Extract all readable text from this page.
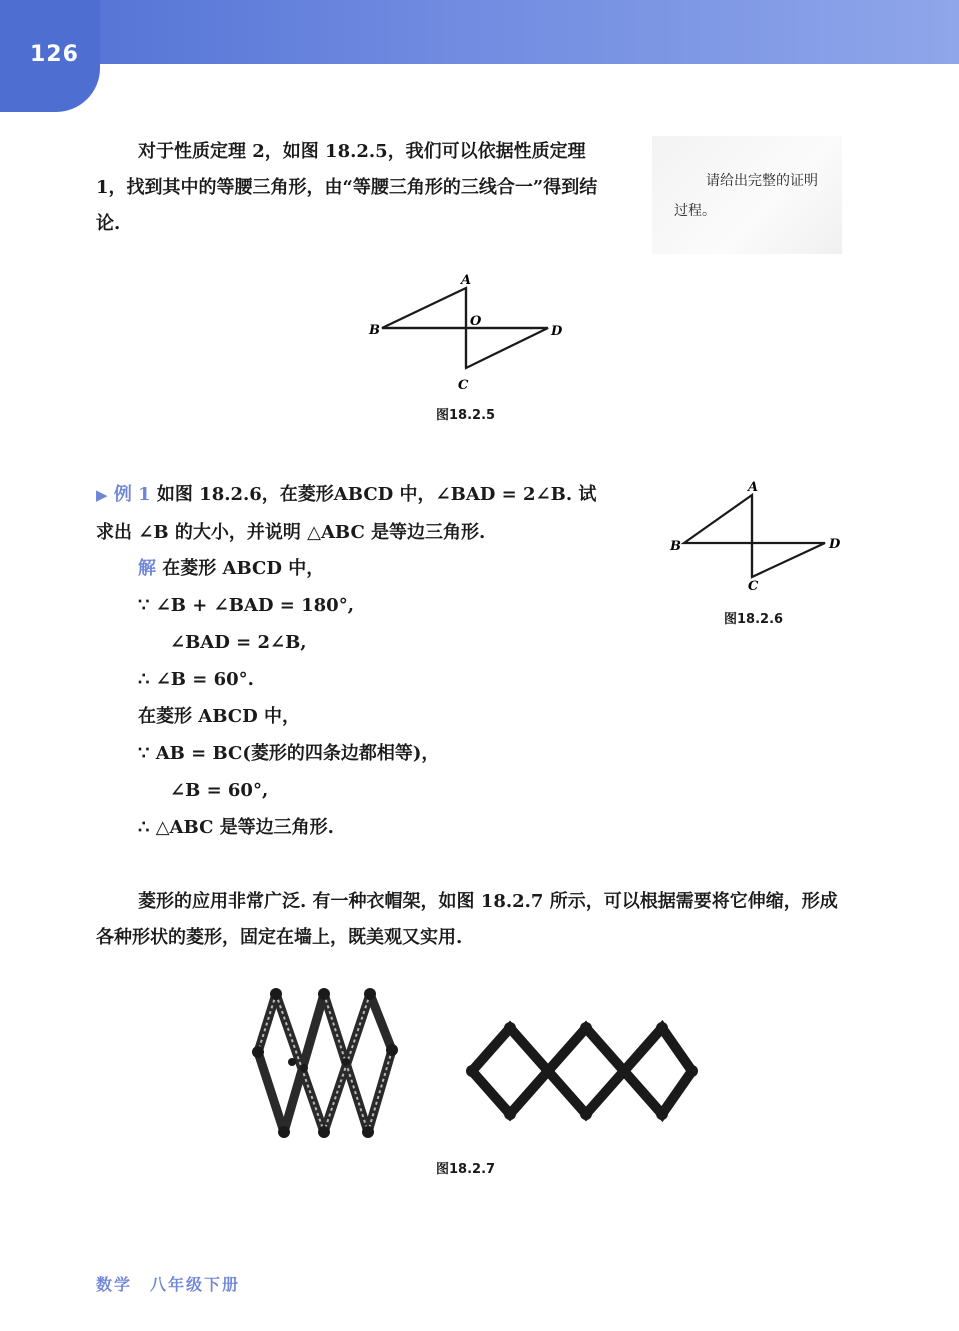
126

对于性质定理 2，如图 18.2.5，我们可以依据性质定理 1，找到其中的等腰三角形，由“等腰三角形的三线合一”得到结论.

请给出完整的证明过程。

A
B
C
D
O
图18.2.5
▶ 例 1 如图 18.2.6，在菱形ABCD 中，∠BAD = 2∠B. 试
求出 ∠B 的大小，并说明 △ABC 是等边三角形.
解 在菱形 ABCD 中，
∵ ∠B + ∠BAD = 180°,
∠BAD = 2∠B,
∴ ∠B = 60°.
在菱形 ABCD 中，
∵ AB = BC(菱形的四条边都相等)，
∠B = 60°,
∴ △ABC 是等边三角形.
A
B
C
D
图18.2.6

菱形的应用非常广泛. 有一种衣帽架，如图 18.2.7 所示，可以根据需要将它伸缩，形成各种形状的菱形，固定在墙上，既美观又实用.

图18.2.7
数学　八年级下册
